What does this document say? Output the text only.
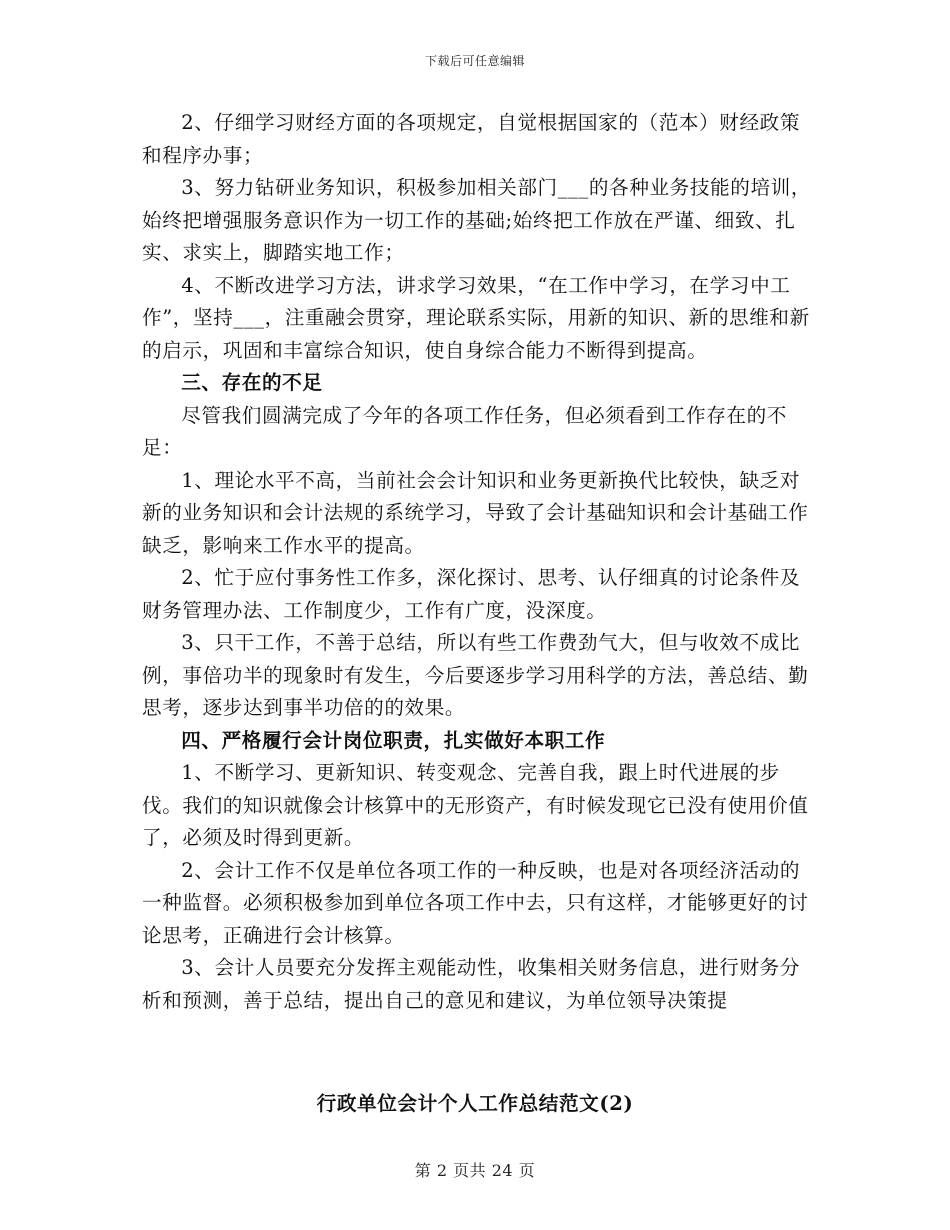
下载后可任意编辑

2、仔细学习财经方面的各项规定，自觉根据国家的（范本）财经政策和程序办事；

3、努力钻研业务知识，积极参加相关部门___的各种业务技能的培训，始终把增强服务意识作为一切工作的基础;始终把工作放在严谨、细致、扎实、求实上，脚踏实地工作；

4、不断改进学习方法，讲求学习效果，“在工作中学习，在学习中工作”，坚持___，注重融会贯穿，理论联系实际，用新的知识、新的思维和新的启示，巩固和丰富综合知识，使自身综合能力不断得到提高。

三、存在的不足

尽管我们圆满完成了今年的各项工作任务，但必须看到工作存在的不足：

1、理论水平不高，当前社会会计知识和业务更新换代比较快，缺乏对新的业务知识和会计法规的系统学习，导致了会计基础知识和会计基础工作缺乏，影响来工作水平的提高。

2、忙于应付事务性工作多，深化探讨、思考、认仔细真的讨论条件及财务管理办法、工作制度少，工作有广度，没深度。

3、只干工作，不善于总结，所以有些工作费劲气大，但与收效不成比例，事倍功半的现象时有发生，今后要逐步学习用科学的方法，善总结、勤思考，逐步达到事半功倍的的效果。

四、严格履行会计岗位职责，扎实做好本职工作

1、不断学习、更新知识、转变观念、完善自我，跟上时代进展的步伐。我们的知识就像会计核算中的无形资产，有时候发现它已没有使用价值了，必须及时得到更新。

2、会计工作不仅是单位各项工作的一种反映，也是对各项经济活动的一种监督。必须积极参加到单位各项工作中去，只有这样，才能够更好的讨论思考，正确进行会计核算。

3、会计人员要充分发挥主观能动性，收集相关财务信息，进行财务分析和预测，善于总结，提出自己的意见和建议，为单位领导决策提

行政单位会计个人工作总结范文(2)
第 2 页共 24 页
